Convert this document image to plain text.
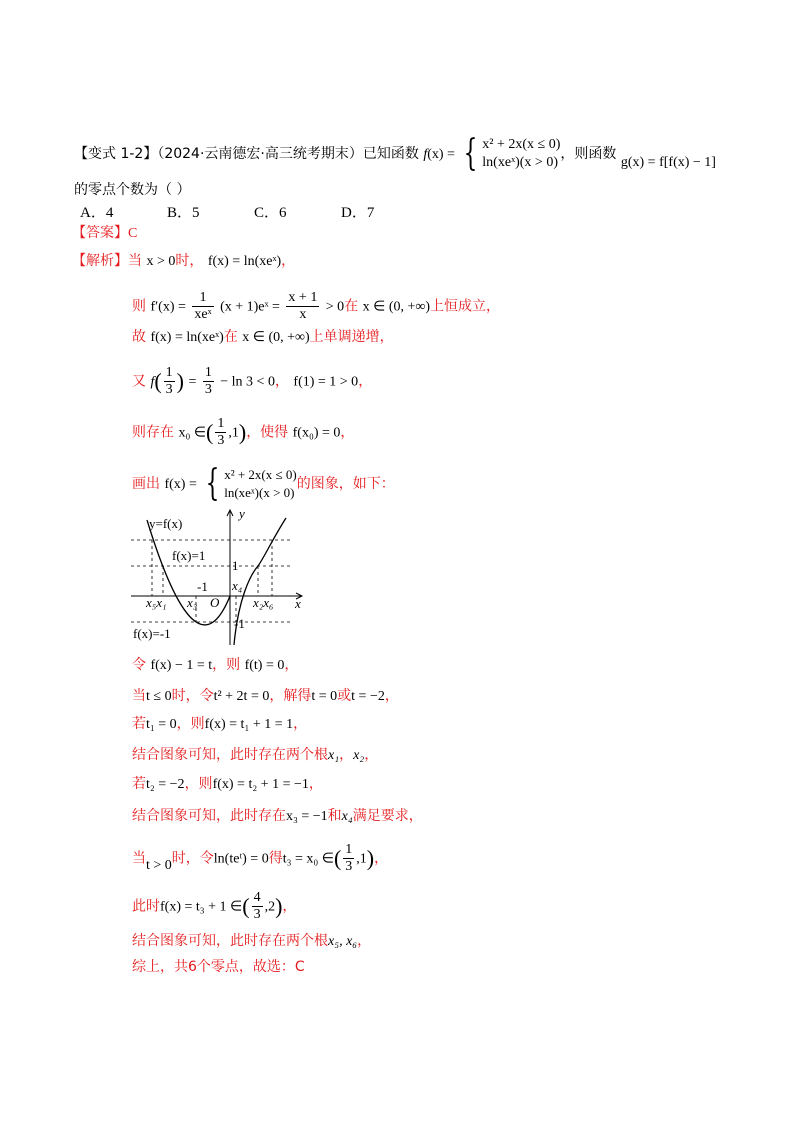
【变式 1-2】（2024·云南德宏·高三统考期末）已知函数 f(x) = { x² + 2x(x ≤ 0)
ln(xeˣ)(x > 0)
，则函数 g(x) = f[f(x) − 1]
的零点个数为（ ）
A．4	B．5	C．6	D．7
【答案】C
【解析】当 x > 0时， f(x) = ln(xeˣ)，
则 $f'(x) = \frac{1}{\text{xeˣ}} (x$ + 1)eˣ = $\frac{x + 1}{x} > 0$在 x ∈ (0, +∞)上恒成立，
故 f(x) = ln(xeˣ)在 x ∈ (0, +∞)上单调递增，
又 $f( \frac{1}{3}$ ) = $\frac{1}{3} - \ln 3 < 0$， f(1) = 1 > 0，
则存在 x₀ ∈( $\frac{1}{3} ,1$)，使得 f(x₀) = 0，
画出 f(x) = { x² + 2x(x ≤ 0)
ln(xeˣ)(x > 0)
的图象，如下：
y=f(x)
f(x)=1
f(x)=-1
y
x
O
1
-1
-1
x₅x₁ x₃
x₄
x₂x₆
令 f(x) − 1 = t，则 f(t) = 0，
当t ≤ 0时，令t² + 2t = 0，解得t = 0或t = −2，
若t₁ = 0，则f(x) = t₁ + 1 = 1，
结合图象可知，此时存在两个根x₁，x₂，
若t₂ = −2，则f(x) = t₂ + 1 = −1，
结合图象可知，此时存在x₃ = −1和x₄满足要求，
当t > 0时，令ln(teᵗ) = 0得t₃ = x₀ ∈( $\frac{1}{3} ,1$)，
此时f(x) = t₃ + 1 ∈( $\frac{4}{3} ,2$)，
结合图象可知，此时存在两个根x₅, x₆，
综上，共6个零点，故选：C
